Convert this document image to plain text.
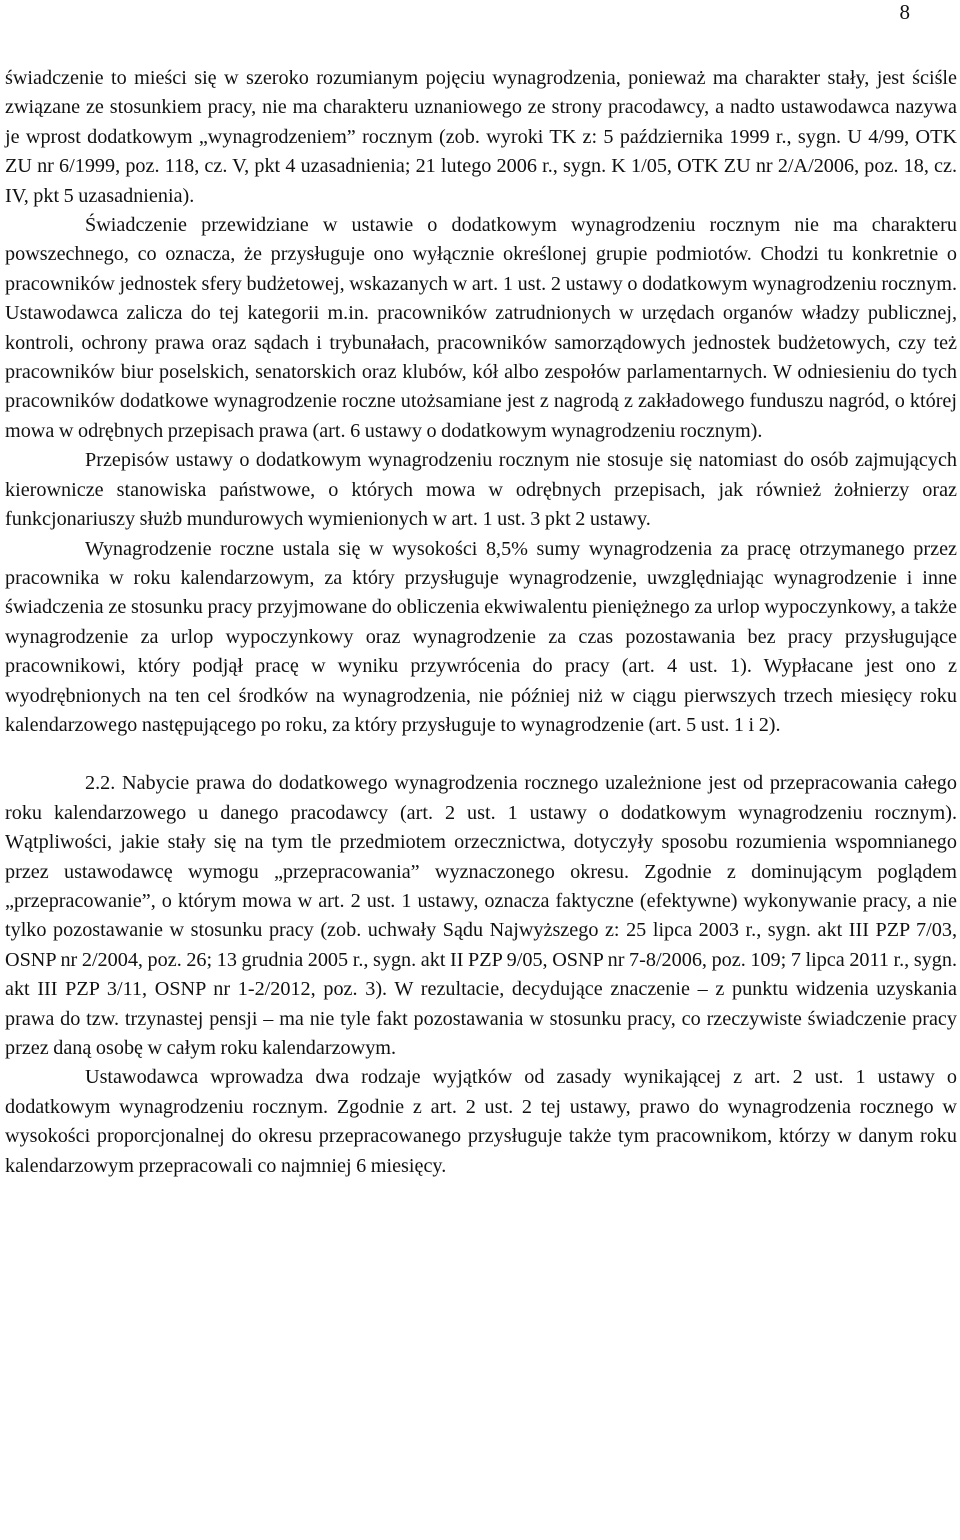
8

świadczenie to mieści się w szeroko rozumianym pojęciu wynagrodzenia, ponieważ ma charakter stały, jest ściśle związane ze stosunkiem pracy, nie ma charakteru uznaniowego ze strony pracodawcy, a nadto ustawodawca nazywa je wprost dodatkowym „wynagrodzeniem” rocznym (zob. wyroki TK z: 5 października 1999 r., sygn. U 4/99, OTK ZU nr 6/1999, poz. 118, cz. V, pkt 4 uzasadnienia; 21 lutego 2006 r., sygn. K 1/05, OTK ZU nr 2/A/2006, poz. 18, cz. IV, pkt 5 uzasadnienia).

Świadczenie przewidziane w ustawie o dodatkowym wynagrodzeniu rocznym nie ma charakteru powszechnego, co oznacza, że przysługuje ono wyłącznie określonej grupie podmiotów. Chodzi tu konkretnie o pracowników jednostek sfery budżetowej, wskazanych w art. 1 ust. 2 ustawy o dodatkowym wynagrodzeniu rocznym. Ustawodawca zalicza do tej kategorii m.in. pracowników zatrudnionych w urzędach organów władzy publicznej, kontroli, ochrony prawa oraz sądach i trybunałach, pracowników samorządowych jednostek budżetowych, czy też pracowników biur poselskich, senatorskich oraz klubów, kół albo zespołów parlamentarnych. W odniesieniu do tych pracowników dodatkowe wynagrodzenie roczne utożsamiane jest z nagrodą z zakładowego funduszu nagród, o której mowa w odrębnych przepisach prawa (art. 6 ustawy o dodatkowym wynagrodzeniu rocznym).

Przepisów ustawy o dodatkowym wynagrodzeniu rocznym nie stosuje się natomiast do osób zajmujących kierownicze stanowiska państwowe, o których mowa w odrębnych przepisach, jak również żołnierzy oraz funkcjonariuszy służb mundurowych wymienionych w art. 1 ust. 3 pkt 2 ustawy.

Wynagrodzenie roczne ustala się w wysokości 8,5% sumy wynagrodzenia za pracę otrzymanego przez pracownika w roku kalendarzowym, za który przysługuje wynagrodzenie, uwzględniając wynagrodzenie i inne świadczenia ze stosunku pracy przyjmowane do obliczenia ekwiwalentu pieniężnego za urlop wypoczynkowy, a także wynagrodzenie za urlop wypoczynkowy oraz wynagrodzenie za czas pozostawania bez pracy przysługujące pracownikowi, który podjął pracę w wyniku przywrócenia do pracy (art. 4 ust. 1). Wypłacane jest ono z wyodrębnionych na ten cel środków na wynagrodzenia, nie później niż w ciągu pierwszych trzech miesięcy roku kalendarzowego następującego po roku, za który przysługuje to wynagrodzenie (art. 5 ust. 1 i 2).

2.2. Nabycie prawa do dodatkowego wynagrodzenia rocznego uzależnione jest od przepracowania całego roku kalendarzowego u danego pracodawcy (art. 2 ust. 1 ustawy o dodatkowym wynagrodzeniu rocznym). Wątpliwości, jakie stały się na tym tle przedmiotem orzecznictwa, dotyczyły sposobu rozumienia wspomnianego przez ustawodawcę wymogu „przepracowania” wyznaczonego okresu. Zgodnie z dominującym poglądem „przepracowanie”, o którym mowa w art. 2 ust. 1 ustawy, oznacza faktyczne (efektywne) wykonywanie pracy, a nie tylko pozostawanie w stosunku pracy (zob. uchwały Sądu Najwyższego z: 25 lipca 2003 r., sygn. akt III PZP 7/03, OSNP nr 2/2004, poz. 26; 13 grudnia 2005 r., sygn. akt II PZP 9/05, OSNP nr 7-8/2006, poz. 109; 7 lipca 2011 r., sygn. akt III PZP 3/11, OSNP nr 1-2/2012, poz. 3). W rezultacie, decydujące znaczenie – z punktu widzenia uzyskania prawa do tzw. trzynastej pensji – ma nie tyle fakt pozostawania w stosunku pracy, co rzeczywiste świadczenie pracy przez daną osobę w całym roku kalendarzowym.

Ustawodawca wprowadza dwa rodzaje wyjątków od zasady wynikającej z art. 2 ust. 1 ustawy o dodatkowym wynagrodzeniu rocznym. Zgodnie z art. 2 ust. 2 tej ustawy, prawo do wynagrodzenia rocznego w wysokości proporcjonalnej do okresu przepracowanego przysługuje także tym pracownikom, którzy w danym roku kalendarzowym przepracowali co najmniej 6 miesięcy.
